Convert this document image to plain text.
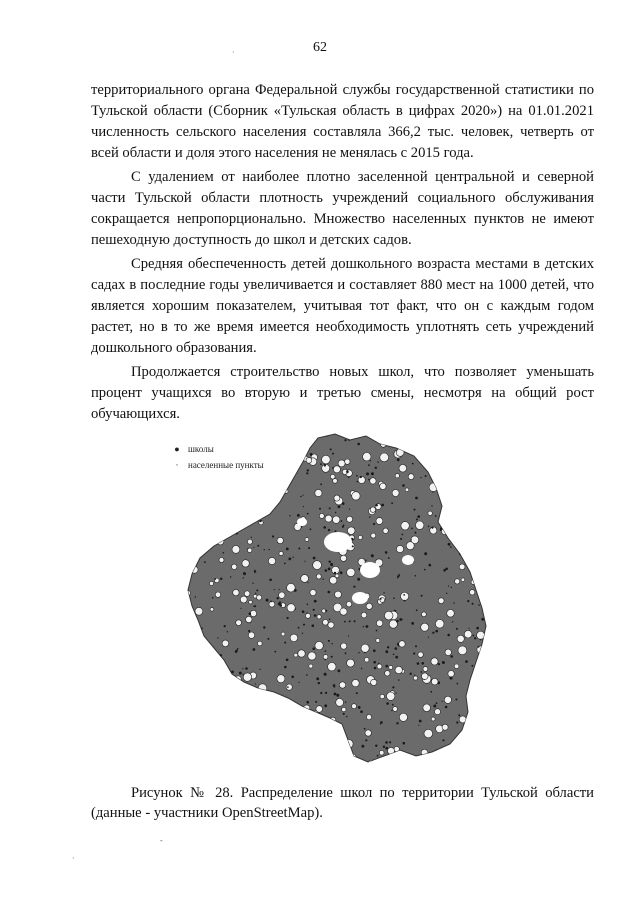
62

территориального органа Федеральной службы государственной статистики по Тульской области (Сборник «Тульская область в цифрах 2020») на 01.01.2021 численность сельского населения составляла 366,2 тыс. человек, четверть от всей области и доля этого населения не менялась с 2015 года.

С удалением от наиболее плотно заселенной центральной и северной части Тульской области плотность учреждений социального обслуживания сокращается непропорционально. Множество населенных пунктов не имеют пешеходную доступность до школ и детских садов.

Средняя обеспеченность детей дошкольного возраста местами в детских садах в последние годы увеличивается и составляет 880 мест на 1000 детей, что является хорошим показателем, учитывая тот факт, что он с каждым годом растет, но в то же время имеется необходимость уплотнять сеть учреждений дошкольного образования.

Продолжается строительство новых школ, что позволяет уменьшать процент учащихся во вторую и третью смены, несмотря на общий рост обучающихся.

● школы
·	населенные пункты
Рисунок № 28. Распределение школ по территории Тульской области (данные - участники OpenStreetMap).
·
-
·
